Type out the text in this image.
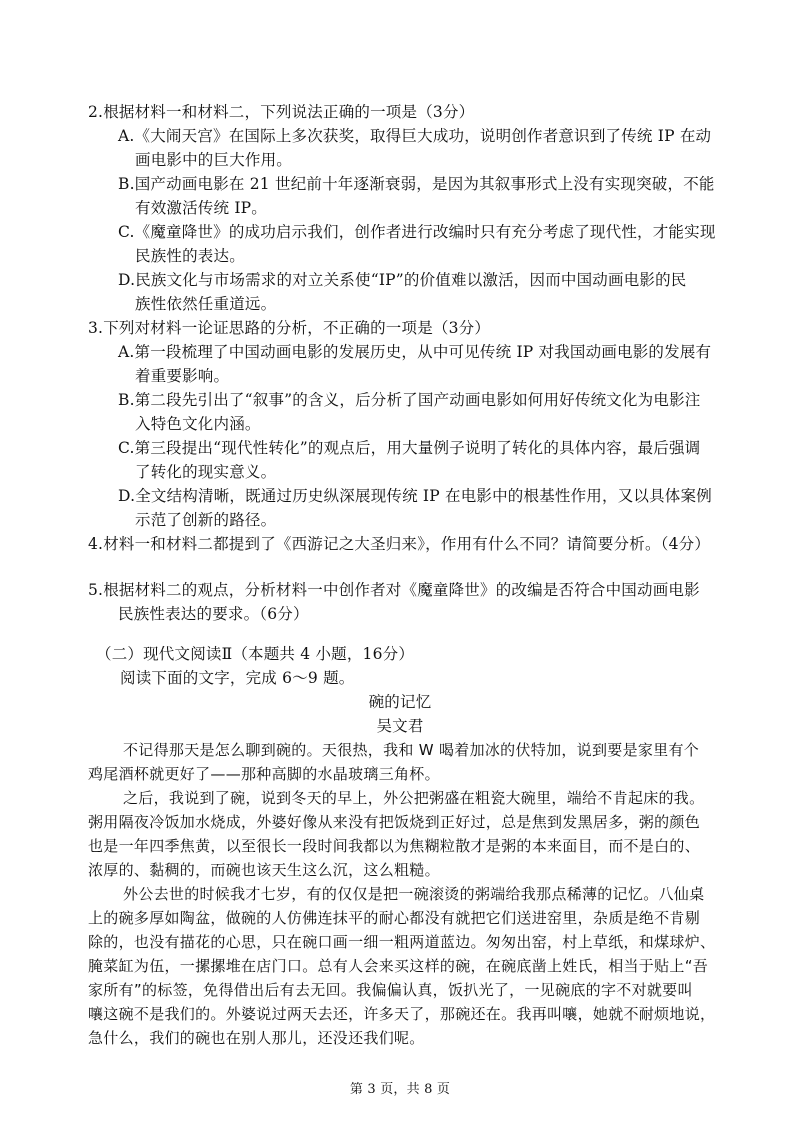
2.根据材料一和材料二，下列说法正确的一项是（3分）

A.《大闹天宫》在国际上多次获奖，取得巨大成功，说明创作者意识到了传统 IP 在动

画电影中的巨大作用。

B.国产动画电影在 21 世纪前十年逐渐衰弱，是因为其叙事形式上没有实现突破，不能

有效激活传统 IP。

C.《魔童降世》的成功启示我们，创作者进行改编时只有充分考虑了现代性，才能实现

民族性的表达。

D.民族文化与市场需求的对立关系使“IP”的价值难以激活，因而中国动画电影的民

族性依然任重道远。

3.下列对材料一论证思路的分析，不正确的一项是（3分）

A.第一段梳理了中国动画电影的发展历史，从中可见传统 IP 对我国动画电影的发展有

着重要影响。

B.第二段先引出了“叙事”的含义，后分析了国产动画电影如何用好传统文化为电影注

入特色文化内涵。

C.第三段提出“现代性转化”的观点后，用大量例子说明了转化的具体内容，最后强调

了转化的现实意义。

D.全文结构清晰，既通过历史纵深展现传统 IP 在电影中的根基性作用，又以具体案例

示范了创新的路径。

4.材料一和材料二都提到了《西游记之大圣归来》，作用有什么不同？请简要分析。（4分）

5.根据材料二的观点，分析材料一中创作者对《魔童降世》的改编是否符合中国动画电影

民族性表达的要求。（6分）

（二）现代文阅读Ⅱ（本题共 4 小题，16分）

阅读下面的文字，完成 6～9 题。

碗的记忆

吴文君

不记得那天是怎么聊到碗的。天很热，我和 W 喝着加冰的伏特加，说到要是家里有个

鸡尾酒杯就更好了——那种高脚的水晶玻璃三角杯。

之后，我说到了碗，说到冬天的早上，外公把粥盛在粗瓷大碗里，端给不肯起床的我。

粥用隔夜冷饭加水烧成，外婆好像从来没有把饭烧到正好过，总是焦到发黑居多，粥的颜色

也是一年四季焦黄，以至很长一段时间我都以为焦糊粒散才是粥的本来面目，而不是白的、

浓厚的、黏稠的，而碗也该天生这么沉，这么粗糙。

外公去世的时候我才七岁，有的仅仅是把一碗滚烫的粥端给我那点稀薄的记忆。八仙桌

上的碗多厚如陶盆，做碗的人仿佛连抹平的耐心都没有就把它们送进窑里，杂质是绝不肯剔

除的，也没有描花的心思，只在碗口画一细一粗两道蓝边。匆匆出窑，村上草纸，和煤球炉、

腌菜缸为伍，一摞摞堆在店门口。总有人会来买这样的碗，在碗底凿上姓氏，相当于贴上“吾

家所有”的标签，免得借出后有去无回。我偏偏认真，饭扒光了，一见碗底的字不对就要叫

嚷这碗不是我们的。外婆说过两天去还，许多天了，那碗还在。我再叫嚷，她就不耐烦地说，

急什么，我们的碗也在别人那儿，还没还我们呢。

第 3 页，共 8 页
